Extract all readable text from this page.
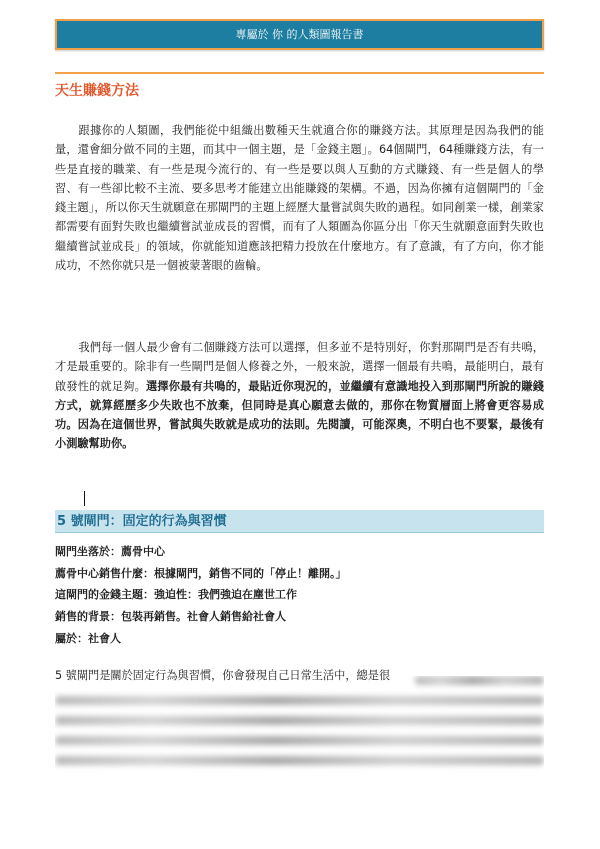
專屬於 你 的人類圖報告書
天生賺錢方法

跟據你的人類圖，我們能從中組織出數種天生就適合你的賺錢方法。其原理是因為我們的能量，還會細分做不同的主題，而其中一個主題，是「金錢主題」。64個閘門，64種賺錢方法，有一些是直接的職業、有一些是現今流行的、有一些是要以與人互動的方式賺錢、有一些是個人的學習、有一些卻比較不主流、要多思考才能建立出能賺錢的架構。不過，因為你擁有這個閘門的「金錢主題」，所以你天生就願意在那閘門的主題上經歷大量嘗試與失敗的過程。如同創業一樣，創業家都需要有面對失敗也繼續嘗試並成長的習慣，而有了人類圖為你區分出「你天生就願意面對失敗也繼續嘗試並成長」的領域，你就能知道應該把精力投放在什麼地方。有了意識，有了方向，你才能成功，不然你就只是一個被蒙著眼的齒輪。

我們每一個人最少會有二個賺錢方法可以選擇，但多並不是特別好，你對那閘門是否有共鳴，才是最重要的。除非有一些閘門是個人修養之外，一般來說，選擇一個最有共鳴，最能明白，最有啟發性的就足夠。選擇你最有共鳴的，最貼近你現況的，並繼續有意識地投入到那閘門所說的賺錢方式，就算經歷多少失敗也不放棄，但同時是真心願意去做的，那你在物質層面上將會更容易成功。因為在這個世界，嘗試與失敗就是成功的法則。先閱讀，可能深奧，不明白也不要緊，最後有小測驗幫助你。

5 號閘門：固定的行為與習慣
閘門坐落於：薦骨中心
薦骨中心銷售什麼：根據閘門，銷售不同的「停止！離開。」
這閘門的金錢主題：強迫性：我們強迫在塵世工作
銷售的背景：包裝再銷售。社會人銷售給社會人
屬於：社會人
5 號閘門是關於固定行為與習慣，你會發現自己日常生活中，總是很
